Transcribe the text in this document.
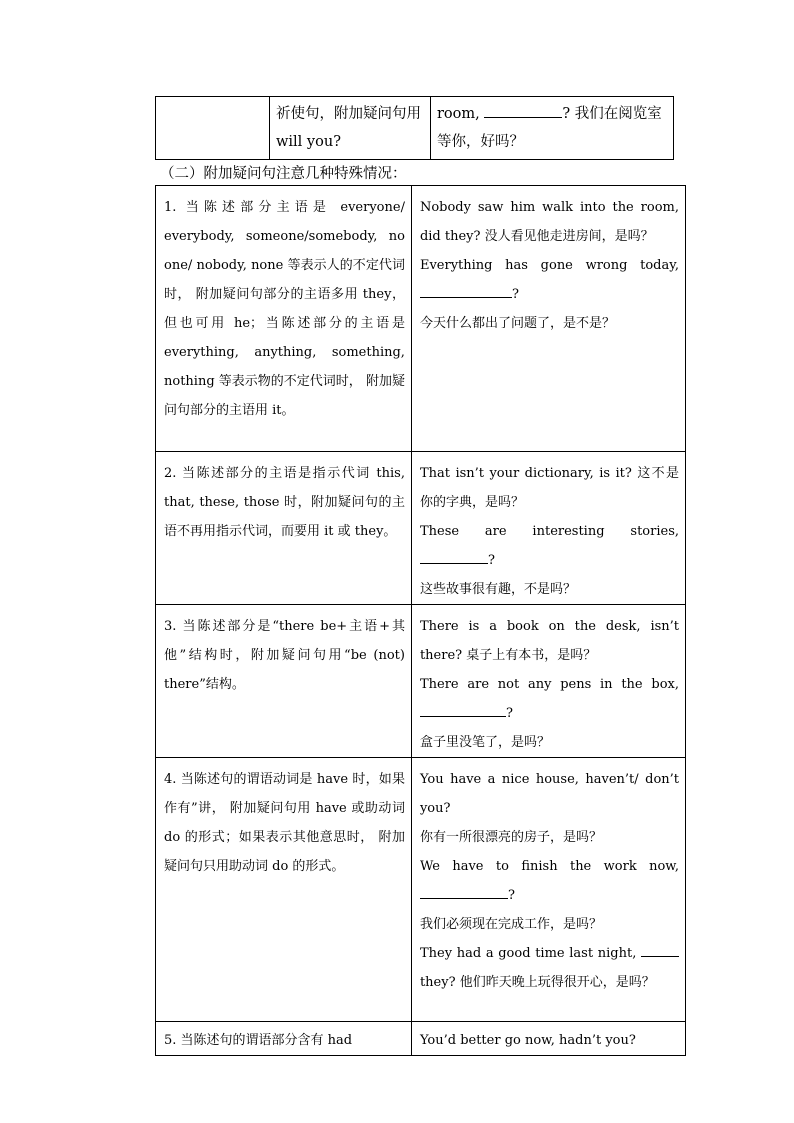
	祈使句，附加疑问句用 will you?	room,	? 我们在阅览室等你，好吗？
（二）附加疑问句注意几种特殊情况：
1. 当陈述部分主语是 everyone/ everybody, someone/somebody, no one/ nobody, none 等表示人的不定代词时， 附加疑问句部分的主语多用 they，但也可用 he；当陈述部分的主语是 everything, anything, something, nothing 等表示物的不定代词时， 附加疑问句部分的主语用 it。	Nobody saw him walk into the room, did they? 没人看见他走进房间，是吗？
Everything has gone wrong today,?
今天什么都出了问题了，是不是？

2. 当陈述部分的主语是指示代词 this, that, these, those 时，附加疑问句的主语不再用指示代词，而要用 it 或 they。	That isn’t your dictionary, is it? 这不是你的字典，是吗？
These are interesting stories,?
这些故事很有趣，不是吗？

3. 当陈述部分是“there be+主语+其他”结构时，附加疑问句用“be (not) there”结构。	There is a book on the desk, isn’t there? 桌子上有本书，是吗？
There are not any pens in the box,?
盒子里没笔了，是吗？

4. 当陈述句的谓语动词是 have 时，如果作有”讲， 附加疑问句用 have 或助动词 do 的形式；如果表示其他意思时， 附加疑问句只用助动词 do 的形式。	You have a nice house, haven’t/ don’t you?
你有一所很漂亮的房子，是吗？
We have to finish the work now,?
我们必须现在完成工作，是吗？
They had a good time last night, they? 他们昨天晚上玩得很开心，是吗？

5. 当陈述句的谓语部分含有 had	You’d better go now, hadn’t you?
